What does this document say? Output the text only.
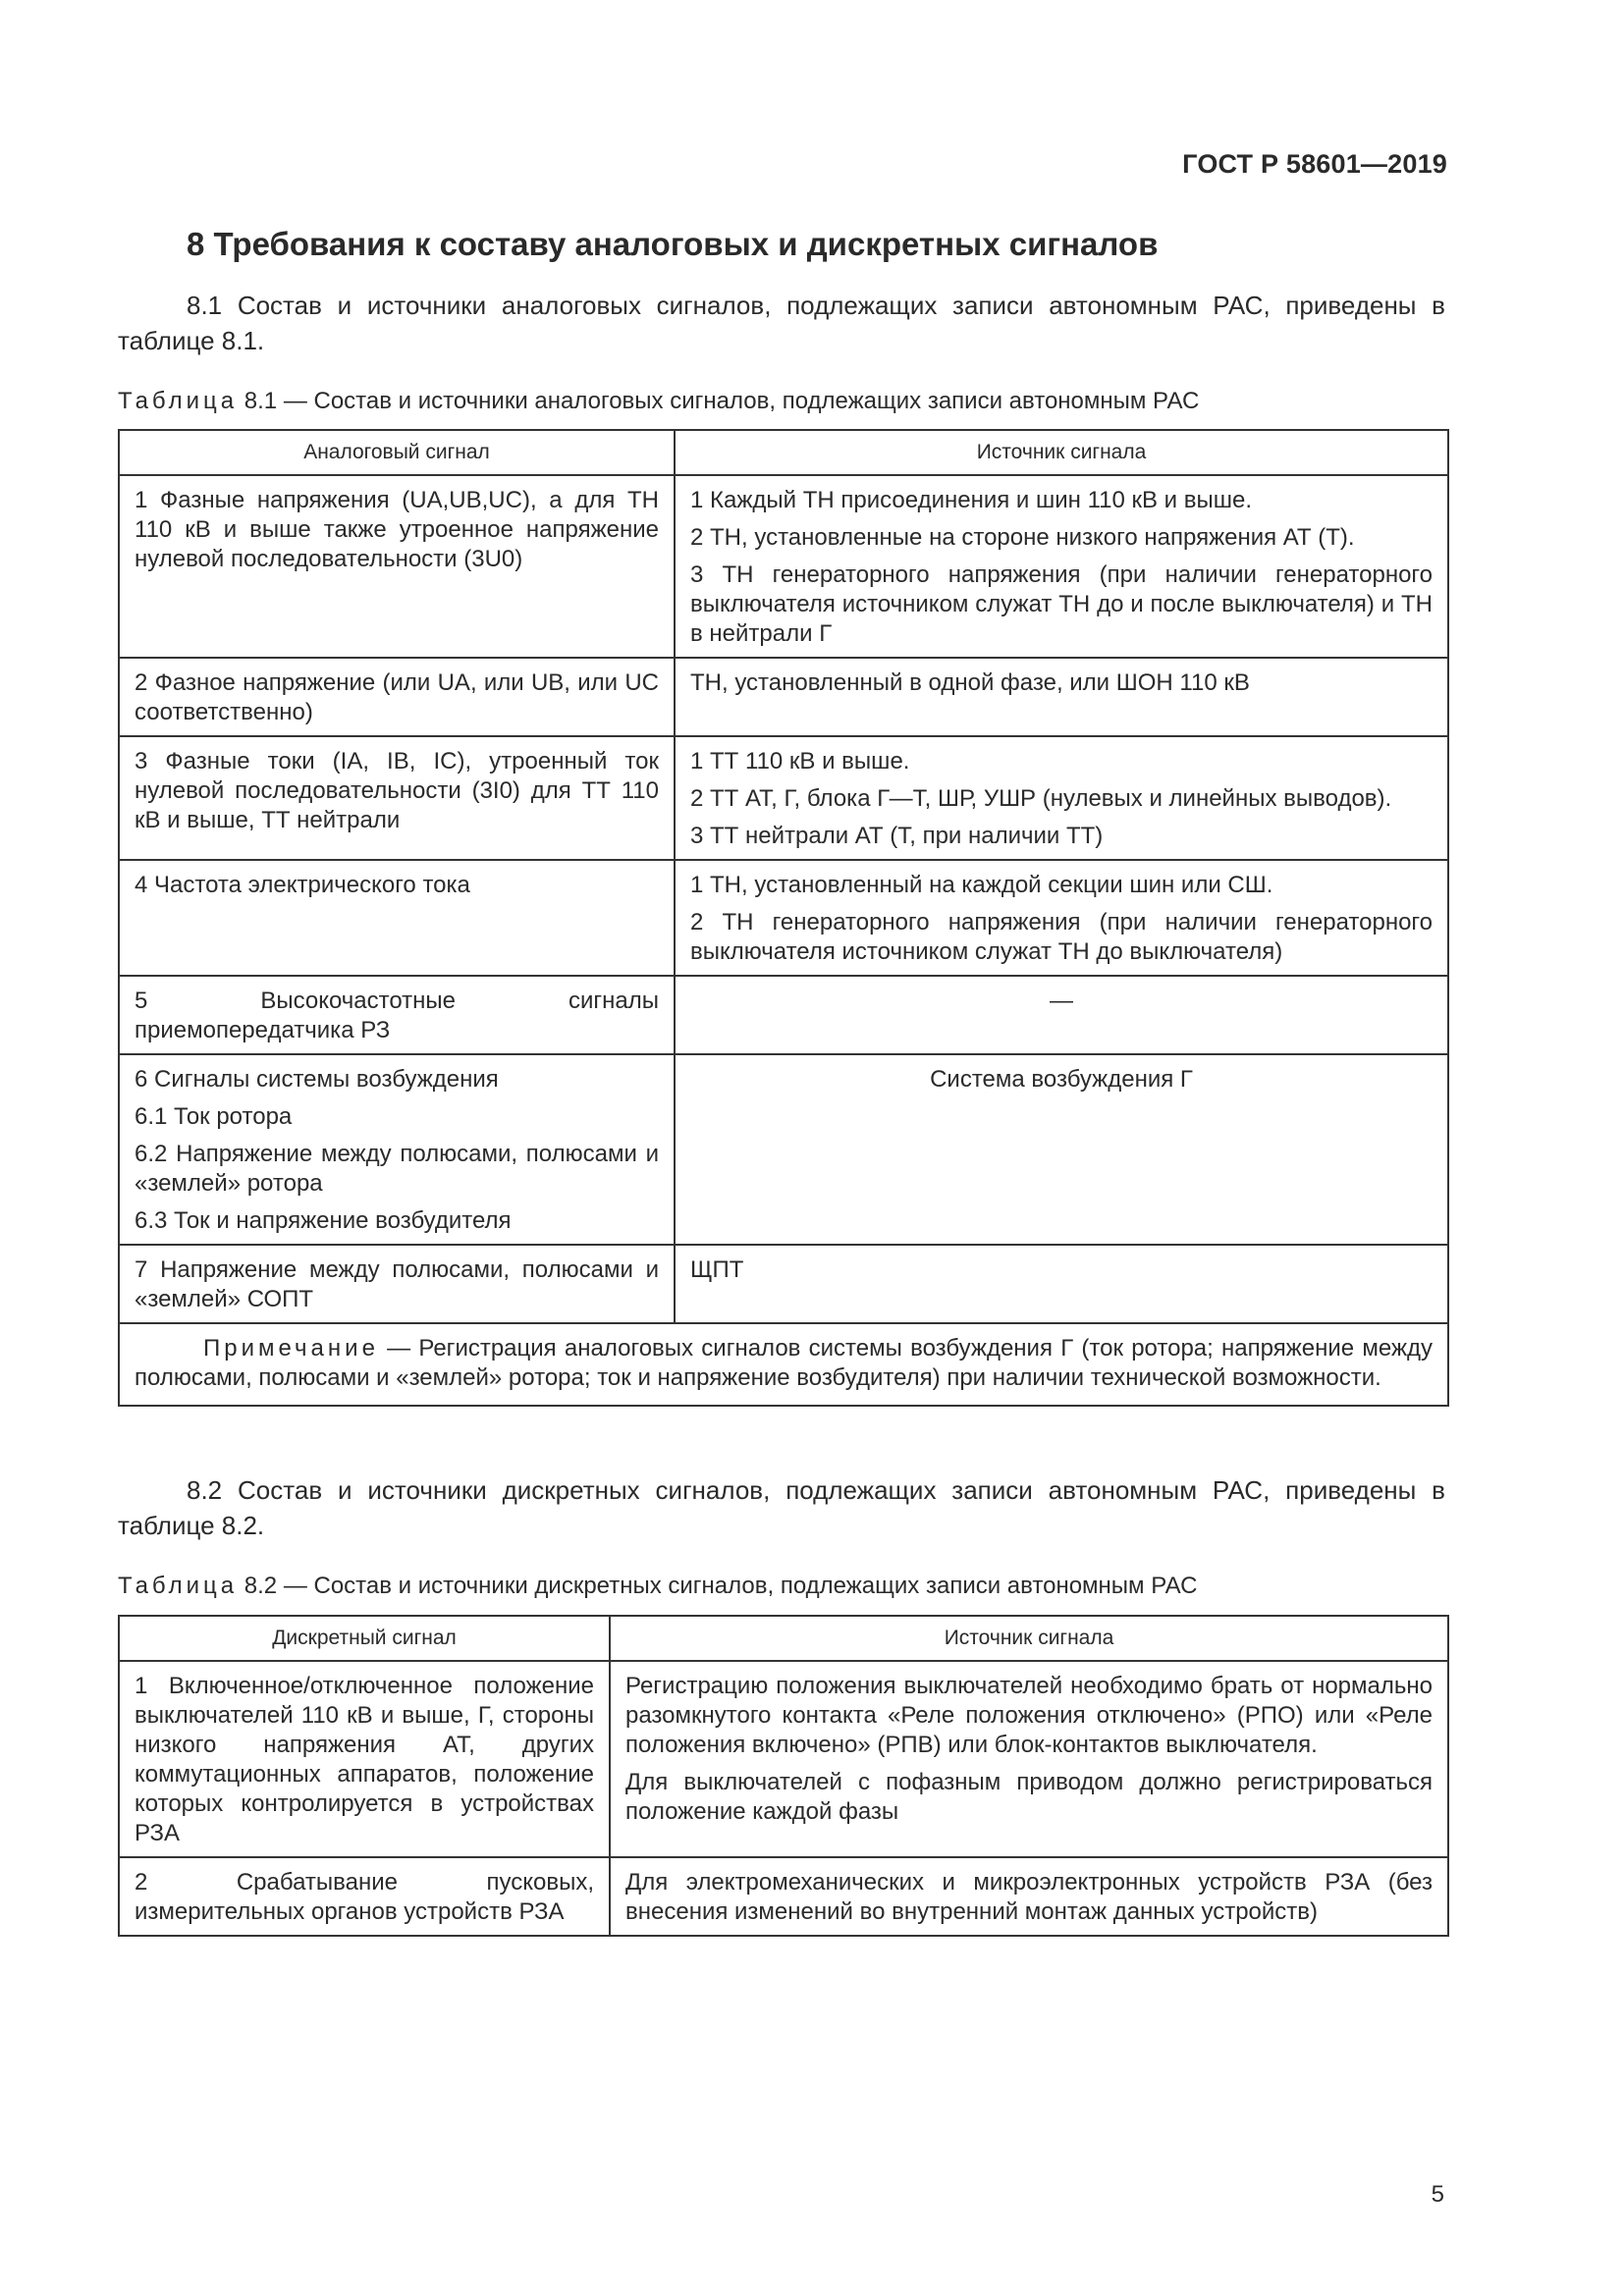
ГОСТ Р 58601—2019
8 Требования к составу аналоговых и дискретных сигналов
8.1 Состав и источники аналоговых сигналов, подлежащих записи автономным РАС, приведены в таблице 8.1.
Таблица 8.1 — Состав и источники аналоговых сигналов, подлежащих записи автономным РАС
Аналоговый сигнал	Источник сигнала

1 Фазные напряжения (UA,UB,UC), а для ТН 110 кВ и выше также утроенное напряжение нулевой последовательности (3U0)	1 Каждый ТН присоединения и шин 110 кВ и выше.

2 ТН, установленные на стороне низкого напряжения АТ (Т).

3 ТН генераторного напряжения (при наличии генераторного выключателя источником служат ТН до и после выключателя) и ТН в нейтрали Г

2 Фазное напряжение (или UA, или UB, или UC соответственно)	ТН, установленный в одной фазе, или ШОН 110 кВ

3 Фазные токи (IA, IB, IC), утроенный ток нулевой последовательности (3I0) для ТТ 110 кВ и выше, ТТ нейтрали	1 ТТ 110 кВ и выше.

2 ТТ АТ, Г, блока Г—Т, ШР, УШР (нулевых и линейных выводов).

3 ТТ нейтрали АТ (Т, при наличии ТТ)

4 Частота электрического тока	1 ТН, установленный на каждой секции шин или СШ.

2 ТН генераторного напряжения (при наличии генераторного выключателя источником служат ТН до выключателя)

5 Высокочастотные сигналы приемопередатчика РЗ	—

6 Сигналы системы возбуждения

6.1 Ток ротора

6.2 Напряжение между полюсами, полюсами и «землей» ротора

6.3 Ток и напряжение возбудителя	Система возбуждения Г

7 Напряжение между полюсами, полюсами и «землей» СОПТ	ЩПТ

Примечание — Регистрация аналоговых сигналов системы возбуждения Г (ток ротора; напряжение между полюсами, полюсами и «землей» ротора; ток и напряжение возбудителя) при наличии технической возможности.	
8.2 Состав и источники дискретных сигналов, подлежащих записи автономным РАС, приведены в таблице 8.2.
Таблица 8.2 — Состав и источники дискретных сигналов, подлежащих записи автономным РАС
Дискретный сигнал	Источник сигнала

1 Включенное/отключенное положение выключателей 110 кВ и выше, Г, стороны низкого напряжения АТ, других коммутационных аппаратов, положение которых контролируется в устройствах РЗА	Регистрацию положения выключателей необходимо брать от нормально разомкнутого контакта «Реле положения отключено» (РПО) или «Реле положения включено» (РПВ) или блок-контактов выключателя.

Для выключателей с пофазным приводом должно регистрироваться положение каждой фазы

2 Срабатывание пусковых, измерительных органов устройств РЗА	Для электромеханических и микроэлектронных устройств РЗА (без внесения изменений во внутренний монтаж данных устройств)

5
